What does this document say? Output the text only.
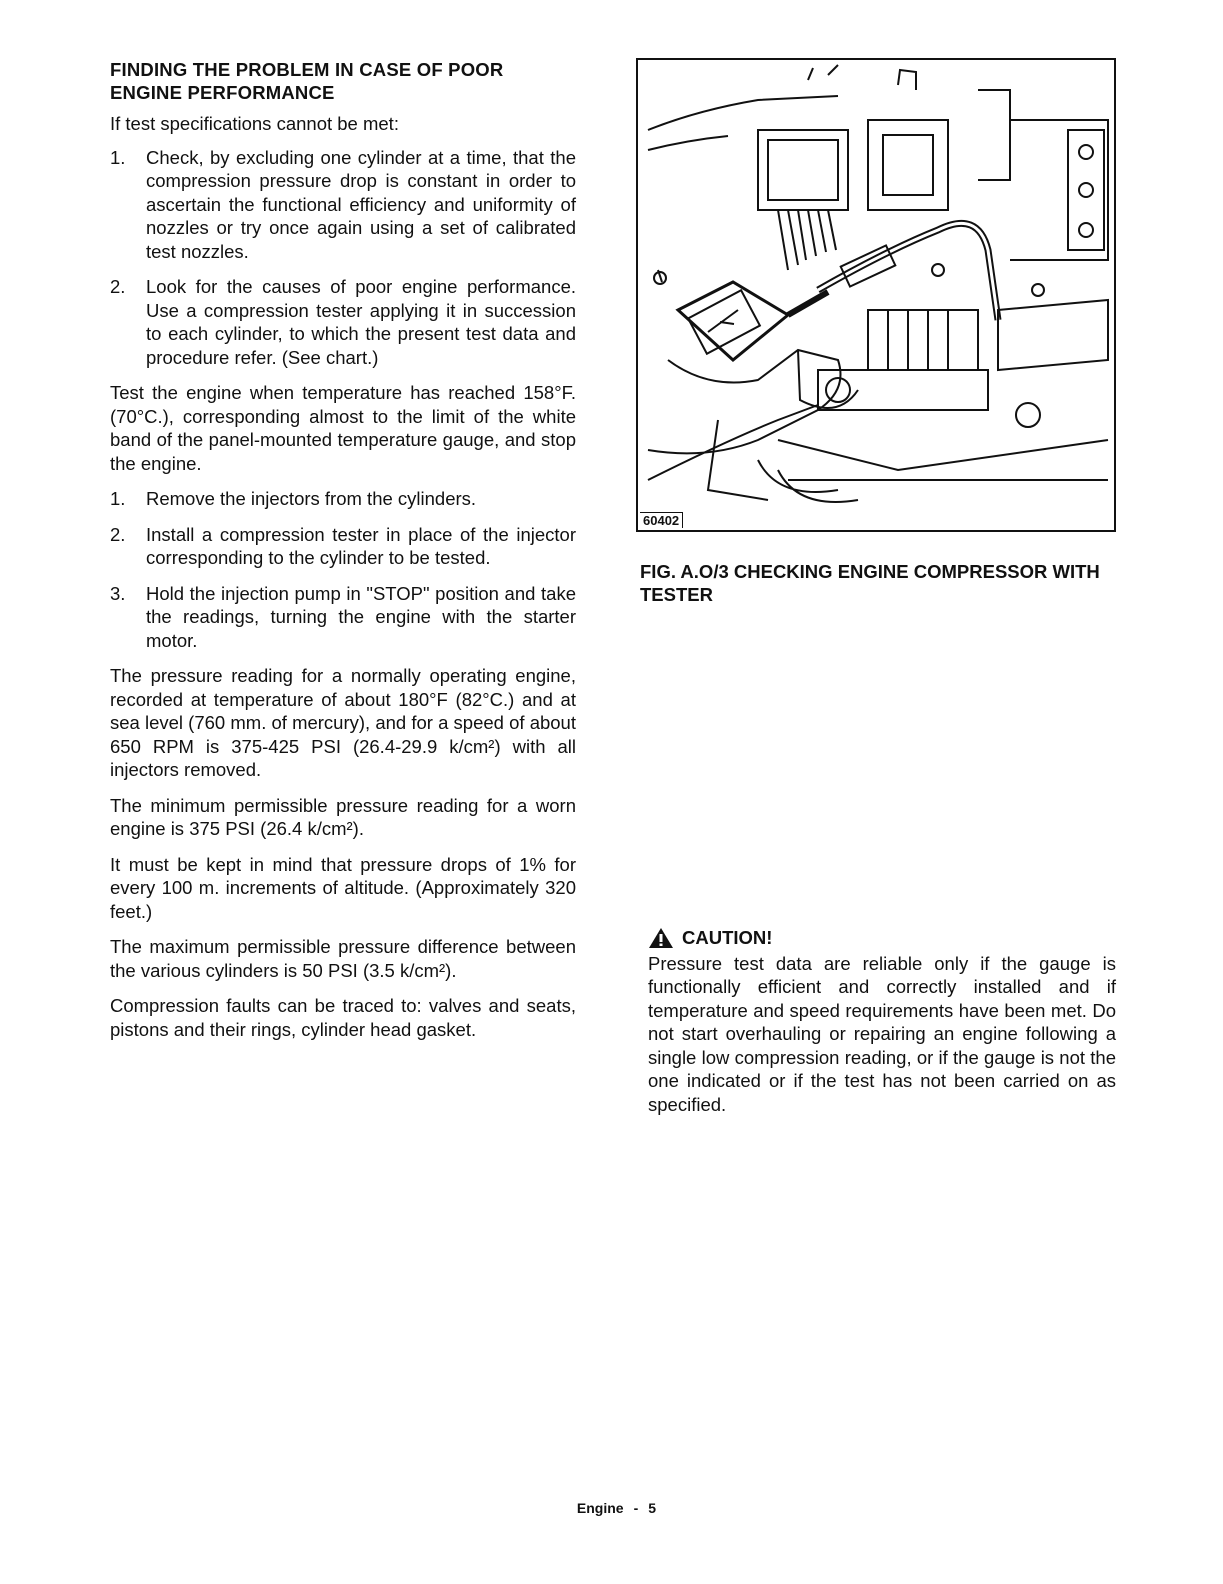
FINDING THE PROBLEM IN CASE OF POOR ENGINE PERFORMANCE

If test specifications cannot be met:

1. Check, by excluding one cylinder at a time, that the compression pressure drop is constant in order to ascertain the functional efficiency and uniformity of nozzles or try once again using a set of calibrated test nozzles.
2. Look for the causes of poor engine performance. Use a compression tester applying it in succession to each cylinder, to which the present test data and procedure refer. (See chart.)

Test the engine when temperature has reached 158°F. (70°C.), corresponding almost to the limit of the white band of the panel-mounted temperature gauge, and stop the engine.

1. Remove the injectors from the cylinders.
2. Install a compression tester in place of the injector corresponding to the cylinder to be tested.
3. Hold the injection pump in "STOP" position and take the readings, turning the engine with the starter motor.

The pressure reading for a normally operating engine, recorded at temperature of about 180°F (82°C.) and at sea level (760 mm. of mercury), and for a speed of about 650 RPM is 375-425 PSI (26.4-29.9 k/cm²) with all injectors removed.

The minimum permissible pressure reading for a worn engine is 375 PSI (26.4 k/cm²).

It must be kept in mind that pressure drops of 1% for every 100 m. increments of altitude. (Approximately 320 feet.)

The maximum permissible pressure difference between the various cylinders is 50 PSI (3.5 k/cm²).

Compression faults can be traced to: valves and seats, pistons and their rings, cylinder head gasket.

60402
FIG. A.O/3 CHECKING ENGINE COMPRESSOR WITH TESTER
CAUTION!

Pressure test data are reliable only if the gauge is functionally efficient and correctly installed and if temperature and speed requirements have been met. Do not start overhauling or repairing an engine following a single low compression reading, or if the gauge is not the one indicated or if the test has not been carried on as specified.

Engine - 5
